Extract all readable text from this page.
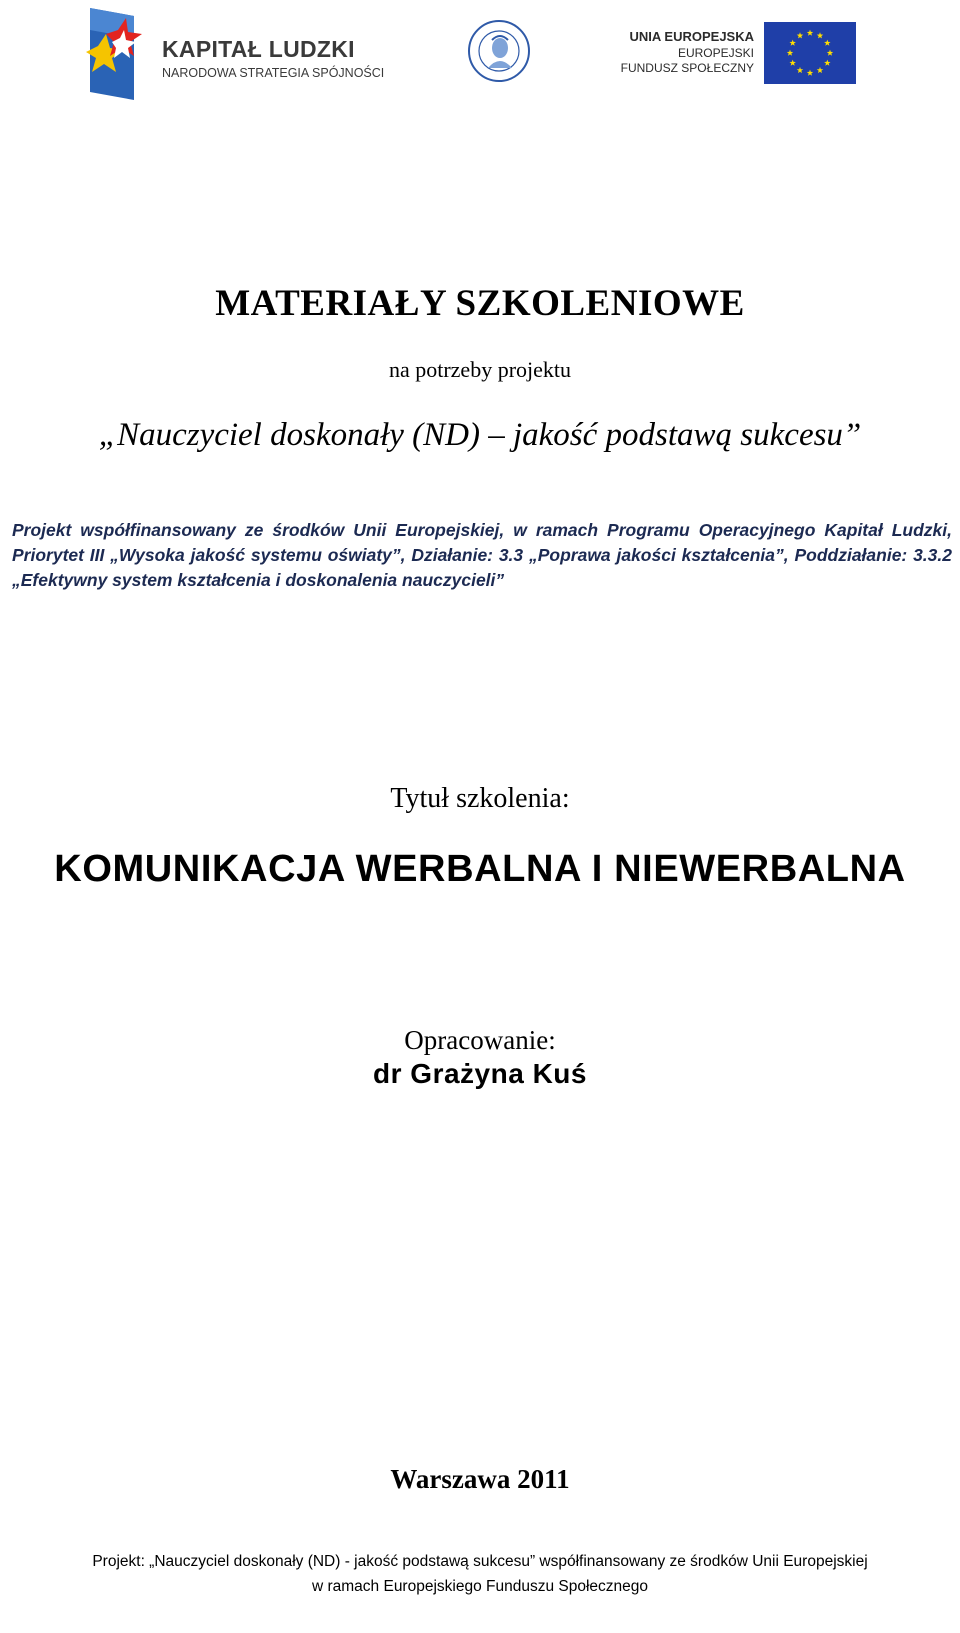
KAPITAŁ LUDZKI
NARODOWA STRATEGIA SPÓJNOŚCI
UNIA EUROPEJSKA
EUROPEJSKI
FUNDUSZ SPOŁECZNY
MATERIAŁY SZKOLENIOWE
na potrzeby projektu
„Nauczyciel doskonały (ND) – jakość podstawą sukcesu”
Projekt współfinansowany ze środków Unii Europejskiej, w ramach Programu Operacyjnego Kapitał Ludzki, Priorytet III „Wysoka jakość systemu oświaty”, Działanie: 3.3 „Poprawa jakości kształcenia”, Poddziałanie: 3.3.2 „Efektywny system kształcenia i doskonalenia nauczycieli”
Tytuł szkolenia:
KOMUNIKACJA WERBALNA I NIEWERBALNA
Opracowanie:
dr Grażyna Kuś
Warszawa 2011
Projekt: „Nauczyciel doskonały (ND) - jakość podstawą sukcesu” współfinansowany ze środków Unii Europejskiej
w ramach Europejskiego Funduszu Społecznego
